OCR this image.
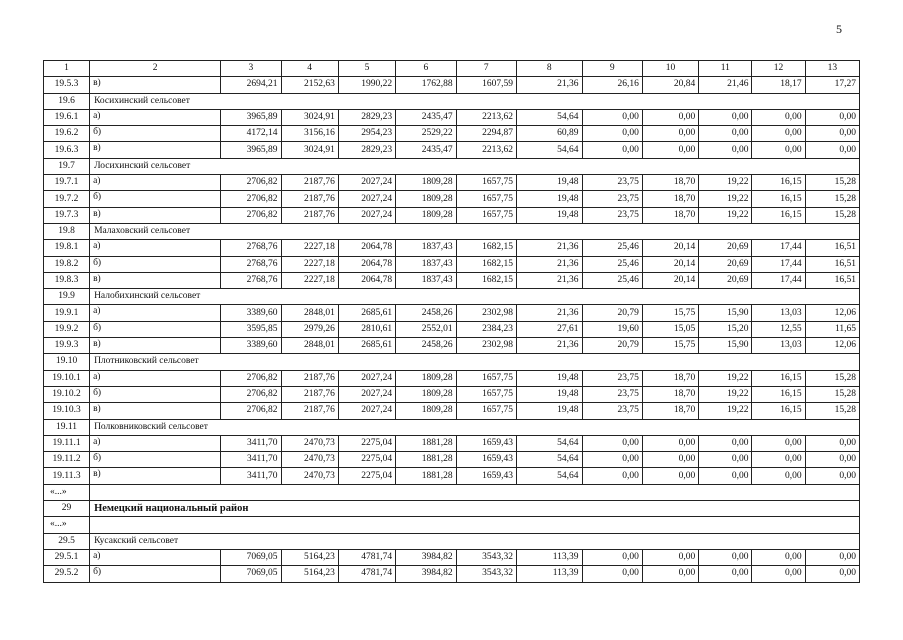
5
1	2	3	4	5	6	7	8	9	10	11	12	13
19.5.3	в)	2694,21	2152,63	1990,22	1762,88	1607,59	21,36	26,16	20,84	21,46	18,17	17,27
19.6	Косихинский сельсовет											
19.6.1	а)	3965,89	3024,91	2829,23	2435,47	2213,62	54,64	0,00	0,00	0,00	0,00	0,00
19.6.2	б)	4172,14	3156,16	2954,23	2529,22	2294,87	60,89	0,00	0,00	0,00	0,00	0,00
19.6.3	в)	3965,89	3024,91	2829,23	2435,47	2213,62	54,64	0,00	0,00	0,00	0,00	0,00
19.7	Лосихинский сельсовет											
19.7.1	а)	2706,82	2187,76	2027,24	1809,28	1657,75	19,48	23,75	18,70	19,22	16,15	15,28
19.7.2	б)	2706,82	2187,76	2027,24	1809,28	1657,75	19,48	23,75	18,70	19,22	16,15	15,28
19.7.3	в)	2706,82	2187,76	2027,24	1809,28	1657,75	19,48	23,75	18,70	19,22	16,15	15,28
19.8	Малаховский сельсовет											
19.8.1	а)	2768,76	2227,18	2064,78	1837,43	1682,15	21,36	25,46	20,14	20,69	17,44	16,51
19.8.2	б)	2768,76	2227,18	2064,78	1837,43	1682,15	21,36	25,46	20,14	20,69	17,44	16,51
19.8.3	в)	2768,76	2227,18	2064,78	1837,43	1682,15	21,36	25,46	20,14	20,69	17,44	16,51
19.9	Налобихинский сельсовет											
19.9.1	а)	3389,60	2848,01	2685,61	2458,26	2302,98	21,36	20,79	15,75	15,90	13,03	12,06
19.9.2	б)	3595,85	2979,26	2810,61	2552,01	2384,23	27,61	19,60	15,05	15,20	12,55	11,65
19.9.3	в)	3389,60	2848,01	2685,61	2458,26	2302,98	21,36	20,79	15,75	15,90	13,03	12,06
19.10	Плотниковский сельсовет											
19.10.1	а)	2706,82	2187,76	2027,24	1809,28	1657,75	19,48	23,75	18,70	19,22	16,15	15,28
19.10.2	б)	2706,82	2187,76	2027,24	1809,28	1657,75	19,48	23,75	18,70	19,22	16,15	15,28
19.10.3	в)	2706,82	2187,76	2027,24	1809,28	1657,75	19,48	23,75	18,70	19,22	16,15	15,28
19.11	Полковниковский сельсовет											
19.11.1	а)	3411,70	2470,73	2275,04	1881,28	1659,43	54,64	0,00	0,00	0,00	0,00	0,00
19.11.2	б)	3411,70	2470,73	2275,04	1881,28	1659,43	54,64	0,00	0,00	0,00	0,00	0,00
19.11.3	в)	3411,70	2470,73	2275,04	1881,28	1659,43	54,64	0,00	0,00	0,00	0,00	0,00
«...»												
29	Немецкий национальный район											
«...»												
29.5	Кусакский сельсовет											
29.5.1	а)	7069,05	5164,23	4781,74	3984,82	3543,32	113,39	0,00	0,00	0,00	0,00	0,00
29.5.2	б)	7069,05	5164,23	4781,74	3984,82	3543,32	113,39	0,00	0,00	0,00	0,00	0,00
